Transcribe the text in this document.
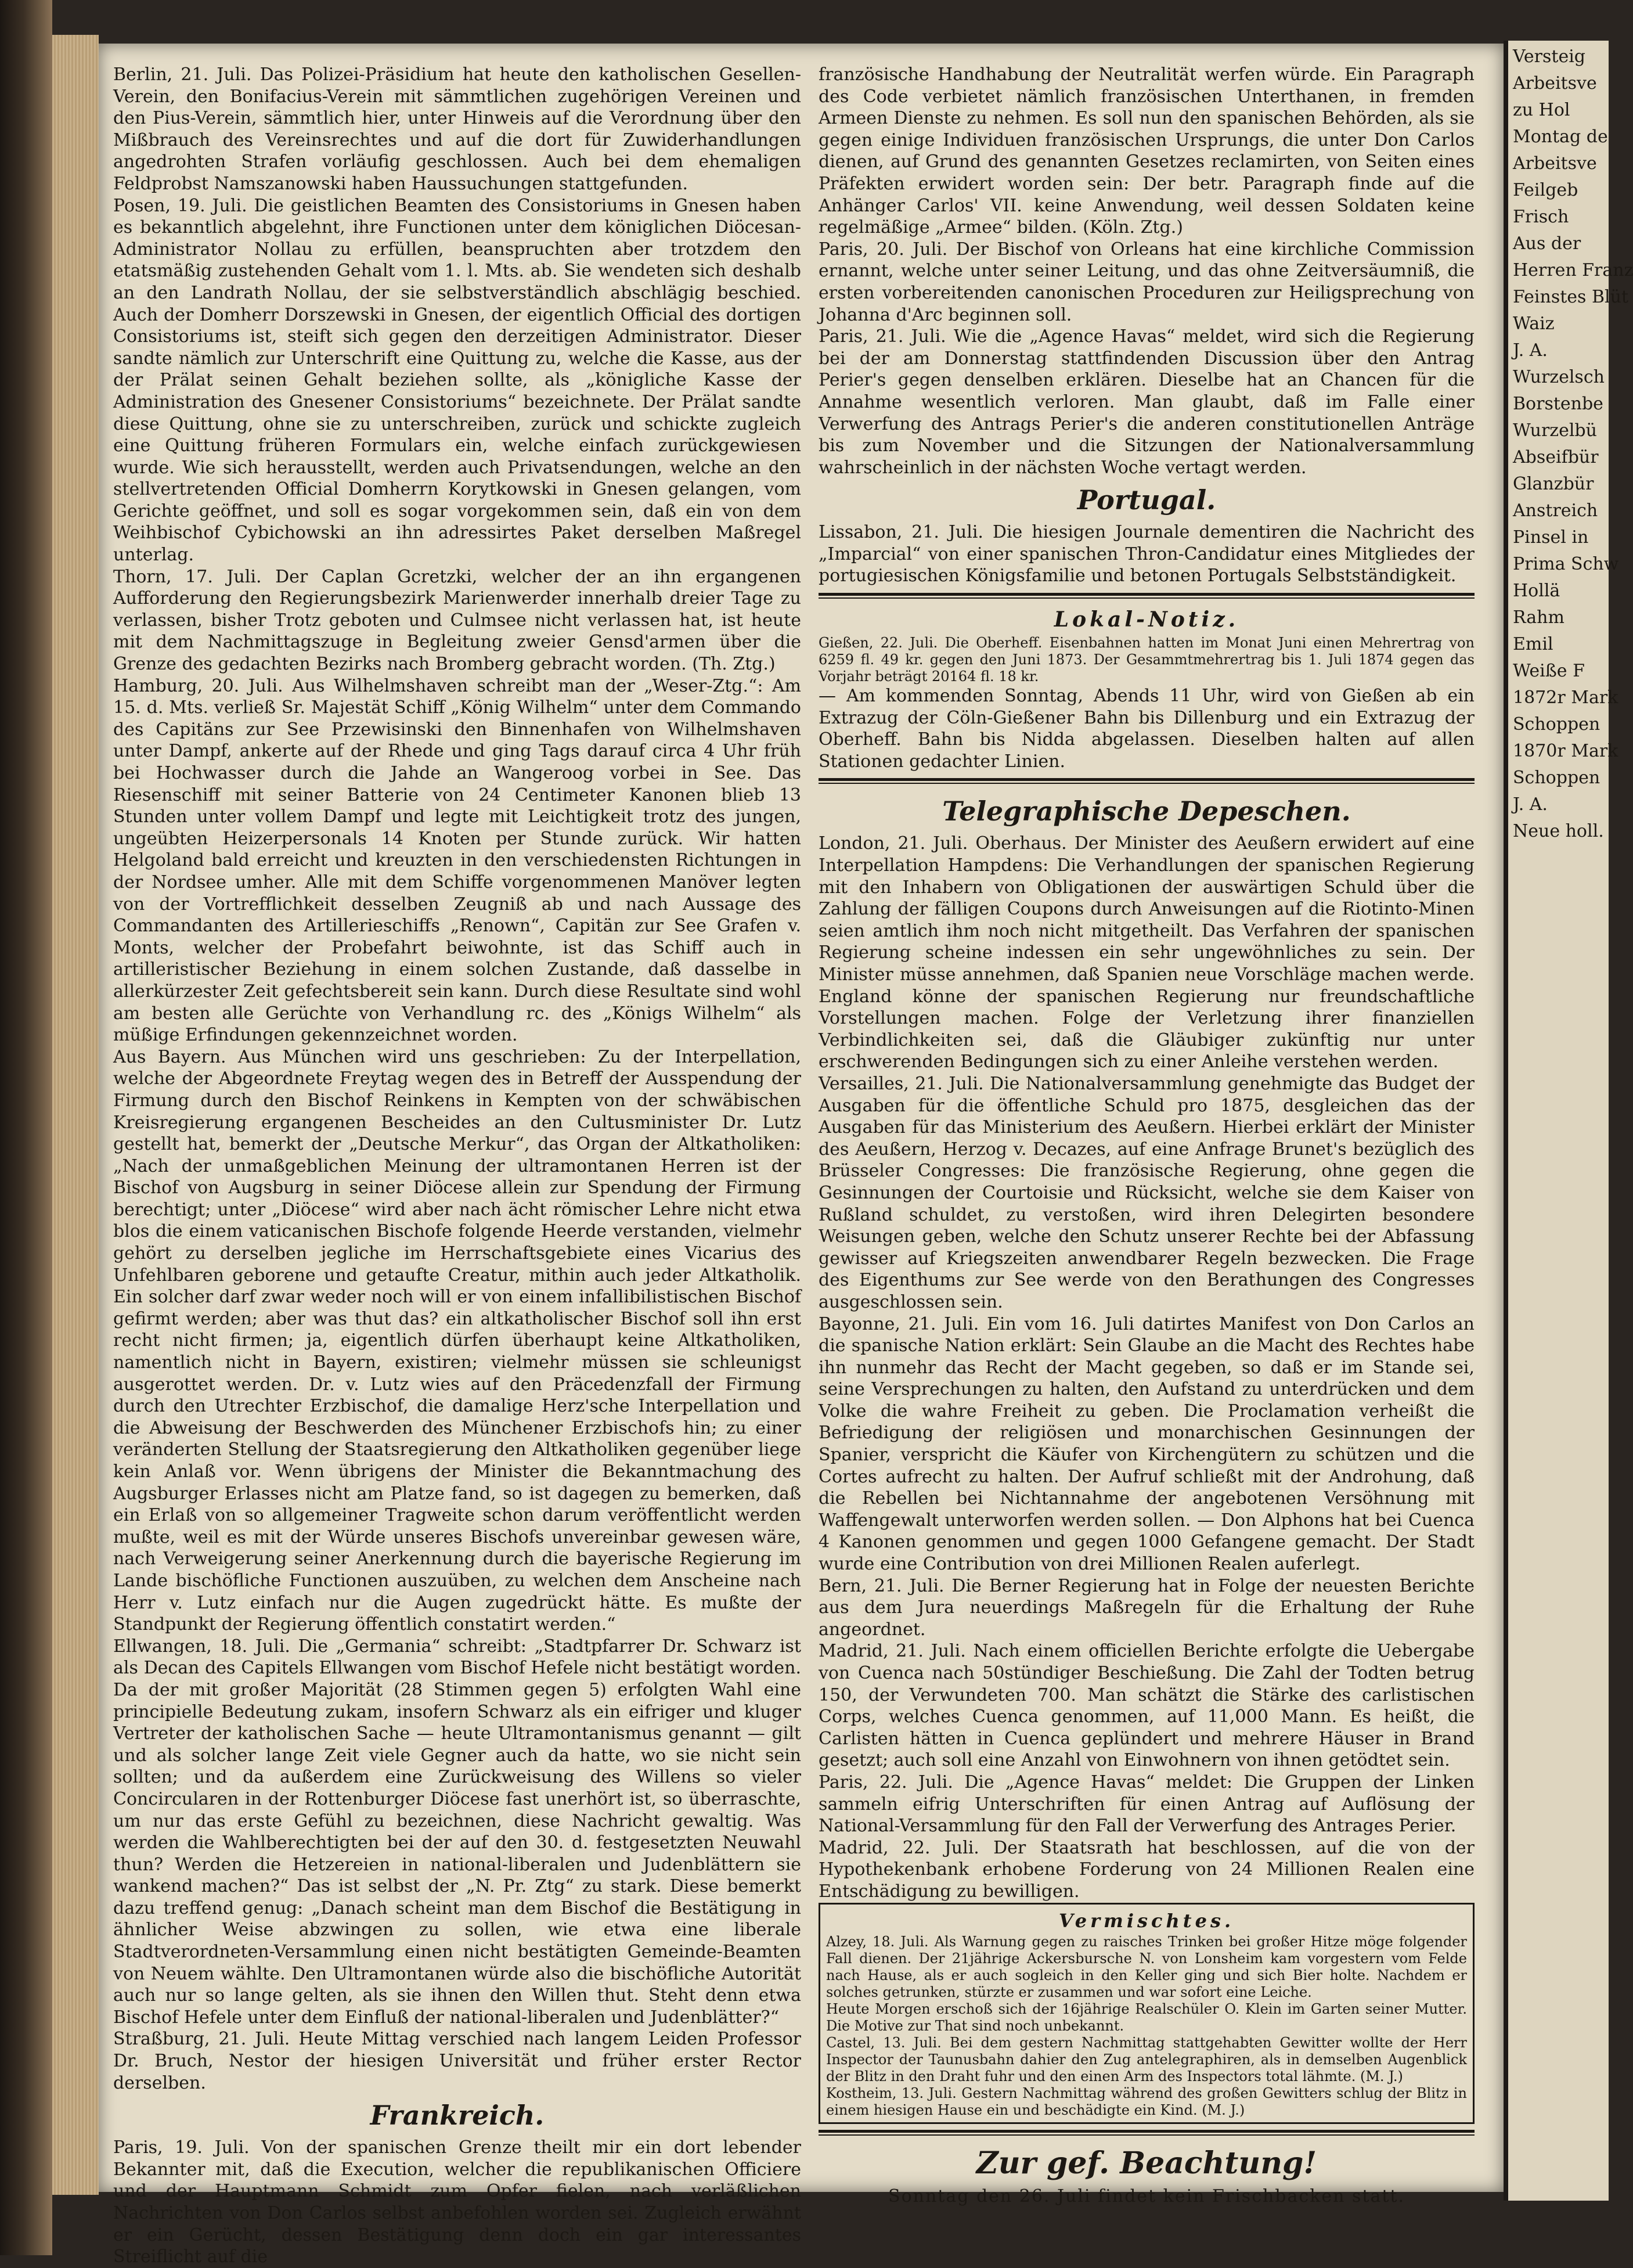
Berlin, 21. Juli. Das Polizei-Präsidium hat heute den katholischen Gesellen-Verein, den Bonifacius-Verein mit sämmtlichen zugehörigen Vereinen und den Pius-Verein, sämmtlich hier, unter Hinweis auf die Verordnung über den Mißbrauch des Vereinsrechtes und auf die dort für Zuwiderhandlungen angedrohten Strafen vorläufig geschlossen. Auch bei dem ehemaligen Feldprobst Namszanowski haben Haussuchungen stattgefunden.

Posen, 19. Juli. Die geistlichen Beamten des Consistoriums in Gnesen haben es bekanntlich abgelehnt, ihre Functionen unter dem königlichen Diöcesan-Administrator Nollau zu erfüllen, beanspruchten aber trotzdem den etatsmäßig zustehenden Gehalt vom 1. l. Mts. ab. Sie wendeten sich deshalb an den Landrath Nollau, der sie selbstverständlich abschlägig beschied. Auch der Domherr Dorszewski in Gnesen, der eigentlich Official des dortigen Consistoriums ist, steift sich gegen den derzeitigen Administrator. Dieser sandte nämlich zur Unterschrift eine Quittung zu, welche die Kasse, aus der der Prälat seinen Gehalt beziehen sollte, als „königliche Kasse der Administration des Gnesener Consistoriums“ bezeichnete. Der Prälat sandte diese Quittung, ohne sie zu unterschreiben, zurück und schickte zugleich eine Quittung früheren Formulars ein, welche einfach zurückgewiesen wurde. Wie sich herausstellt, werden auch Privatsendungen, welche an den stellvertretenden Official Domherrn Korytkowski in Gnesen gelangen, vom Gerichte geöffnet, und soll es sogar vorgekommen sein, daß ein von dem Weihbischof Cybichowski an ihn adressirtes Paket derselben Maßregel unterlag.

Thorn, 17. Juli. Der Caplan Gcretzki, welcher der an ihn ergangenen Aufforderung den Regierungsbezirk Marienwerder innerhalb dreier Tage zu verlassen, bisher Trotz geboten und Culmsee nicht verlassen hat, ist heute mit dem Nachmittagszuge in Begleitung zweier Gensd'armen über die Grenze des gedachten Bezirks nach Bromberg gebracht worden. (Th. Ztg.)

Hamburg, 20. Juli. Aus Wilhelmshaven schreibt man der „Weser-Ztg.“: Am 15. d. Mts. verließ Sr. Majestät Schiff „König Wilhelm“ unter dem Commando des Capitäns zur See Przewisinski den Binnenhafen von Wilhelmshaven unter Dampf, ankerte auf der Rhede und ging Tags darauf circa 4 Uhr früh bei Hochwasser durch die Jahde an Wangeroog vorbei in See. Das Riesenschiff mit seiner Batterie von 24 Centimeter Kanonen blieb 13 Stunden unter vollem Dampf und legte mit Leichtigkeit trotz des jungen, ungeübten Heizerpersonals 14 Knoten per Stunde zurück. Wir hatten Helgoland bald erreicht und kreuzten in den verschiedensten Richtungen in der Nordsee umher. Alle mit dem Schiffe vorgenommenen Manöver legten von der Vortrefflichkeit desselben Zeugniß ab und nach Aussage des Commandanten des Artillerieschiffs „Renown“, Capitän zur See Grafen v. Monts, welcher der Probefahrt beiwohnte, ist das Schiff auch in artilleristischer Beziehung in einem solchen Zustande, daß dasselbe in allerkürzester Zeit gefechtsbereit sein kann. Durch diese Resultate sind wohl am besten alle Gerüchte von Verhandlung rc. des „Königs Wilhelm“ als müßige Erfindungen gekennzeichnet worden.

Aus Bayern. Aus München wird uns geschrieben: Zu der Interpellation, welche der Abgeordnete Freytag wegen des in Betreff der Ausspendung der Firmung durch den Bischof Reinkens in Kempten von der schwäbischen Kreisregierung ergangenen Bescheides an den Cultusminister Dr. Lutz gestellt hat, bemerkt der „Deutsche Merkur“, das Organ der Altkatholiken: „Nach der unmaßgeblichen Meinung der ultramontanen Herren ist der Bischof von Augsburg in seiner Diöcese allein zur Spendung der Firmung berechtigt; unter „Diöcese“ wird aber nach ächt römischer Lehre nicht etwa blos die einem vaticanischen Bischofe folgende Heerde verstanden, vielmehr gehört zu derselben jegliche im Herrschaftsgebiete eines Vicarius des Unfehlbaren geborene und getaufte Creatur, mithin auch jeder Altkatholik. Ein solcher darf zwar weder noch will er von einem infallibilistischen Bischof gefirmt werden; aber was thut das? ein altkatholischer Bischof soll ihn erst recht nicht firmen; ja, eigentlich dürfen überhaupt keine Altkatholiken, namentlich nicht in Bayern, existiren; vielmehr müssen sie schleunigst ausgerottet werden. Dr. v. Lutz wies auf den Präcedenzfall der Firmung durch den Utrechter Erzbischof, die damalige Herz'sche Interpellation und die Abweisung der Beschwerden des Münchener Erzbischofs hin; zu einer veränderten Stellung der Staatsregierung den Altkatholiken gegenüber liege kein Anlaß vor. Wenn übrigens der Minister die Bekanntmachung des Augsburger Erlasses nicht am Platze fand, so ist dagegen zu bemerken, daß ein Erlaß von so allgemeiner Tragweite schon darum veröffentlicht werden mußte, weil es mit der Würde unseres Bischofs unvereinbar gewesen wäre, nach Verweigerung seiner Anerkennung durch die bayerische Regierung im Lande bischöfliche Functionen auszuüben, zu welchen dem Anscheine nach Herr v. Lutz einfach nur die Augen zugedrückt hätte. Es mußte der Standpunkt der Regierung öffentlich constatirt werden.“

Ellwangen, 18. Juli. Die „Germania“ schreibt: „Stadtpfarrer Dr. Schwarz ist als Decan des Capitels Ellwangen vom Bischof Hefele nicht bestätigt worden. Da der mit großer Majorität (28 Stimmen gegen 5) erfolgten Wahl eine principielle Bedeutung zukam, insofern Schwarz als ein eifriger und kluger Vertreter der katholischen Sache — heute Ultramontanismus genannt — gilt und als solcher lange Zeit viele Gegner auch da hatte, wo sie nicht sein sollten; und da außerdem eine Zurückweisung des Willens so vieler Concircularen in der Rottenburger Diöcese fast unerhört ist, so überraschte, um nur das erste Gefühl zu bezeichnen, diese Nachricht gewaltig. Was werden die Wahlberechtigten bei der auf den 30. d. festgesetzten Neuwahl thun? Werden die Hetzereien in national-liberalen und Judenblättern sie wankend machen?“ Das ist selbst der „N. Pr. Ztg“ zu stark. Diese bemerkt dazu treffend genug: „Danach scheint man dem Bischof die Bestätigung in ähnlicher Weise abzwingen zu sollen, wie etwa eine liberale Stadtverordneten-Versammlung einen nicht bestätigten Gemeinde-Beamten von Neuem wählte. Den Ultramontanen würde also die bischöfliche Autorität auch nur so lange gelten, als sie ihnen den Willen thut. Steht denn etwa Bischof Hefele unter dem Einfluß der national-liberalen und Judenblätter?“

Straßburg, 21. Juli. Heute Mittag verschied nach langem Leiden Professor Dr. Bruch, Nestor der hiesigen Universität und früher erster Rector derselben.

Frankreich.

Paris, 19. Juli. Von der spanischen Grenze theilt mir ein dort lebender Bekannter mit, daß die Execution, welcher die republikanischen Officiere und der Hauptmann Schmidt zum Opfer fielen, nach verläßlichen Nachrichten von Don Carlos selbst anbefohlen worden sei. Zugleich erwähnt er ein Gerücht, dessen Bestätigung denn doch ein gar interessantes Streiflicht auf die

französische Handhabung der Neutralität werfen würde. Ein Paragraph des Code verbietet nämlich französischen Unterthanen, in fremden Armeen Dienste zu nehmen. Es soll nun den spanischen Behörden, als sie gegen einige Individuen französischen Ursprungs, die unter Don Carlos dienen, auf Grund des genannten Gesetzes reclamirten, von Seiten eines Präfekten erwidert worden sein: Der betr. Paragraph finde auf die Anhänger Carlos' VII. keine Anwendung, weil dessen Soldaten keine regelmäßige „Armee“ bilden. (Köln. Ztg.)

Paris, 20. Juli. Der Bischof von Orleans hat eine kirchliche Commission ernannt, welche unter seiner Leitung, und das ohne Zeitversäumniß, die ersten vorbereitenden canonischen Proceduren zur Heiligsprechung von Johanna d'Arc beginnen soll.

Paris, 21. Juli. Wie die „Agence Havas“ meldet, wird sich die Regierung bei der am Donnerstag stattfindenden Discussion über den Antrag Perier's gegen denselben erklären. Dieselbe hat an Chancen für die Annahme wesentlich verloren. Man glaubt, daß im Falle einer Verwerfung des Antrags Perier's die anderen constitutionellen Anträge bis zum November und die Sitzungen der Nationalversammlung wahrscheinlich in der nächsten Woche vertagt werden.

Portugal.

Lissabon, 21. Juli. Die hiesigen Journale dementiren die Nachricht des „Imparcial“ von einer spanischen Thron-Candidatur eines Mitgliedes der portugiesischen Königsfamilie und betonen Portugals Selbstständigkeit.

Lokal-Notiz.

Gießen, 22. Juli. Die Oberheff. Eisenbahnen hatten im Monat Juni einen Mehrertrag von 6259 fl. 49 kr. gegen den Juni 1873. Der Gesammtmehrertrag bis 1. Juli 1874 gegen das Vorjahr beträgt 20164 fl. 18 kr.

— Am kommenden Sonntag, Abends 11 Uhr, wird von Gießen ab ein Extrazug der Cöln-Gießener Bahn bis Dillenburg und ein Extrazug der Oberheff. Bahn bis Nidda abgelassen. Dieselben halten auf allen Stationen gedachter Linien.

Telegraphische Depeschen.

London, 21. Juli. Oberhaus. Der Minister des Aeußern erwidert auf eine Interpellation Hampdens: Die Verhandlungen der spanischen Regierung mit den Inhabern von Obligationen der auswärtigen Schuld über die Zahlung der fälligen Coupons durch Anweisungen auf die Riotinto-Minen seien amtlich ihm noch nicht mitgetheilt. Das Verfahren der spanischen Regierung scheine indessen ein sehr ungewöhnliches zu sein. Der Minister müsse annehmen, daß Spanien neue Vorschläge machen werde. England könne der spanischen Regierung nur freundschaftliche Vorstellungen machen. Folge der Verletzung ihrer finanziellen Verbindlichkeiten sei, daß die Gläubiger zukünftig nur unter erschwerenden Bedingungen sich zu einer Anleihe verstehen werden.

Versailles, 21. Juli. Die Nationalversammlung genehmigte das Budget der Ausgaben für die öffentliche Schuld pro 1875, desgleichen das der Ausgaben für das Ministerium des Aeußern. Hierbei erklärt der Minister des Aeußern, Herzog v. Decazes, auf eine Anfrage Brunet's bezüglich des Brüsseler Congresses: Die französische Regierung, ohne gegen die Gesinnungen der Courtoisie und Rücksicht, welche sie dem Kaiser von Rußland schuldet, zu verstoßen, wird ihren Delegirten besondere Weisungen geben, welche den Schutz unserer Rechte bei der Abfassung gewisser auf Kriegszeiten anwendbarer Regeln bezwecken. Die Frage des Eigenthums zur See werde von den Berathungen des Congresses ausgeschlossen sein.

Bayonne, 21. Juli. Ein vom 16. Juli datirtes Manifest von Don Carlos an die spanische Nation erklärt: Sein Glaube an die Macht des Rechtes habe ihn nunmehr das Recht der Macht gegeben, so daß er im Stande sei, seine Versprechungen zu halten, den Aufstand zu unterdrücken und dem Volke die wahre Freiheit zu geben. Die Proclamation verheißt die Befriedigung der religiösen und monarchischen Gesinnungen der Spanier, verspricht die Käufer von Kirchengütern zu schützen und die Cortes aufrecht zu halten. Der Aufruf schließt mit der Androhung, daß die Rebellen bei Nichtannahme der angebotenen Versöhnung mit Waffengewalt unterworfen werden sollen. — Don Alphons hat bei Cuenca 4 Kanonen genommen und gegen 1000 Gefangene gemacht. Der Stadt wurde eine Contribution von drei Millionen Realen auferlegt.

Bern, 21. Juli. Die Berner Regierung hat in Folge der neuesten Berichte aus dem Jura neuerdings Maßregeln für die Erhaltung der Ruhe angeordnet.

Madrid, 21. Juli. Nach einem officiellen Berichte erfolgte die Uebergabe von Cuenca nach 50stündiger Beschießung. Die Zahl der Todten betrug 150, der Verwundeten 700. Man schätzt die Stärke des carlistischen Corps, welches Cuenca genommen, auf 11,000 Mann. Es heißt, die Carlisten hätten in Cuenca geplündert und mehrere Häuser in Brand gesetzt; auch soll eine Anzahl von Einwohnern von ihnen getödtet sein.

Paris, 22. Juli. Die „Agence Havas“ meldet: Die Gruppen der Linken sammeln eifrig Unterschriften für einen Antrag auf Auflösung der National-Versammlung für den Fall der Verwerfung des Antrages Perier.

Madrid, 22. Juli. Der Staatsrath hat beschlossen, auf die von der Hypothekenbank erhobene Forderung von 24 Millionen Realen eine Entschädigung zu bewilligen.

Vermischtes.

Alzey, 18. Juli. Als Warnung gegen zu raisches Trinken bei großer Hitze möge folgender Fall dienen. Der 21jährige Ackersbursche N. von Lonsheim kam vorgestern vom Felde nach Hause, als er auch sogleich in den Keller ging und sich Bier holte. Nachdem er solches getrunken, stürzte er zusammen und war sofort eine Leiche.

Heute Morgen erschoß sich der 16jährige Realschüler O. Klein im Garten seiner Mutter. Die Motive zur That sind noch unbekannt.

Castel, 13. Juli. Bei dem gestern Nachmittag stattgehabten Gewitter wollte der Herr Inspector der Taunusbahn dahier den Zug antelegraphiren, als in demselben Augenblick der Blitz in den Draht fuhr und den einen Arm des Inspectors total lähmte. (M. J.)

Kostheim, 13. Juli. Gestern Nachmittag während des großen Gewitters schlug der Blitz in einem hiesigen Hause ein und beschädigte ein Kind. (M. J.)

Zur gef. Beachtung!

Sonntag den 26. Juli findet kein Frischbacken statt.

Versteig
Arbeitsve
zu Hol
Montag de
Arbeitsve
Feilgeb
Frisch
Aus der
Herren Franz
Feinstes Blüt
Waiz
J. A.
Wurzelsch
Borstenbe
Wurzelbü
Abseifbür
Glanzbür
Anstreich
Pinsel in
Prima Schw
Hollä
Rahm
Emil
Weiße F
1872r Mark
Schoppen
1870r Mark
Schoppen
J. A.
Neue holl.
